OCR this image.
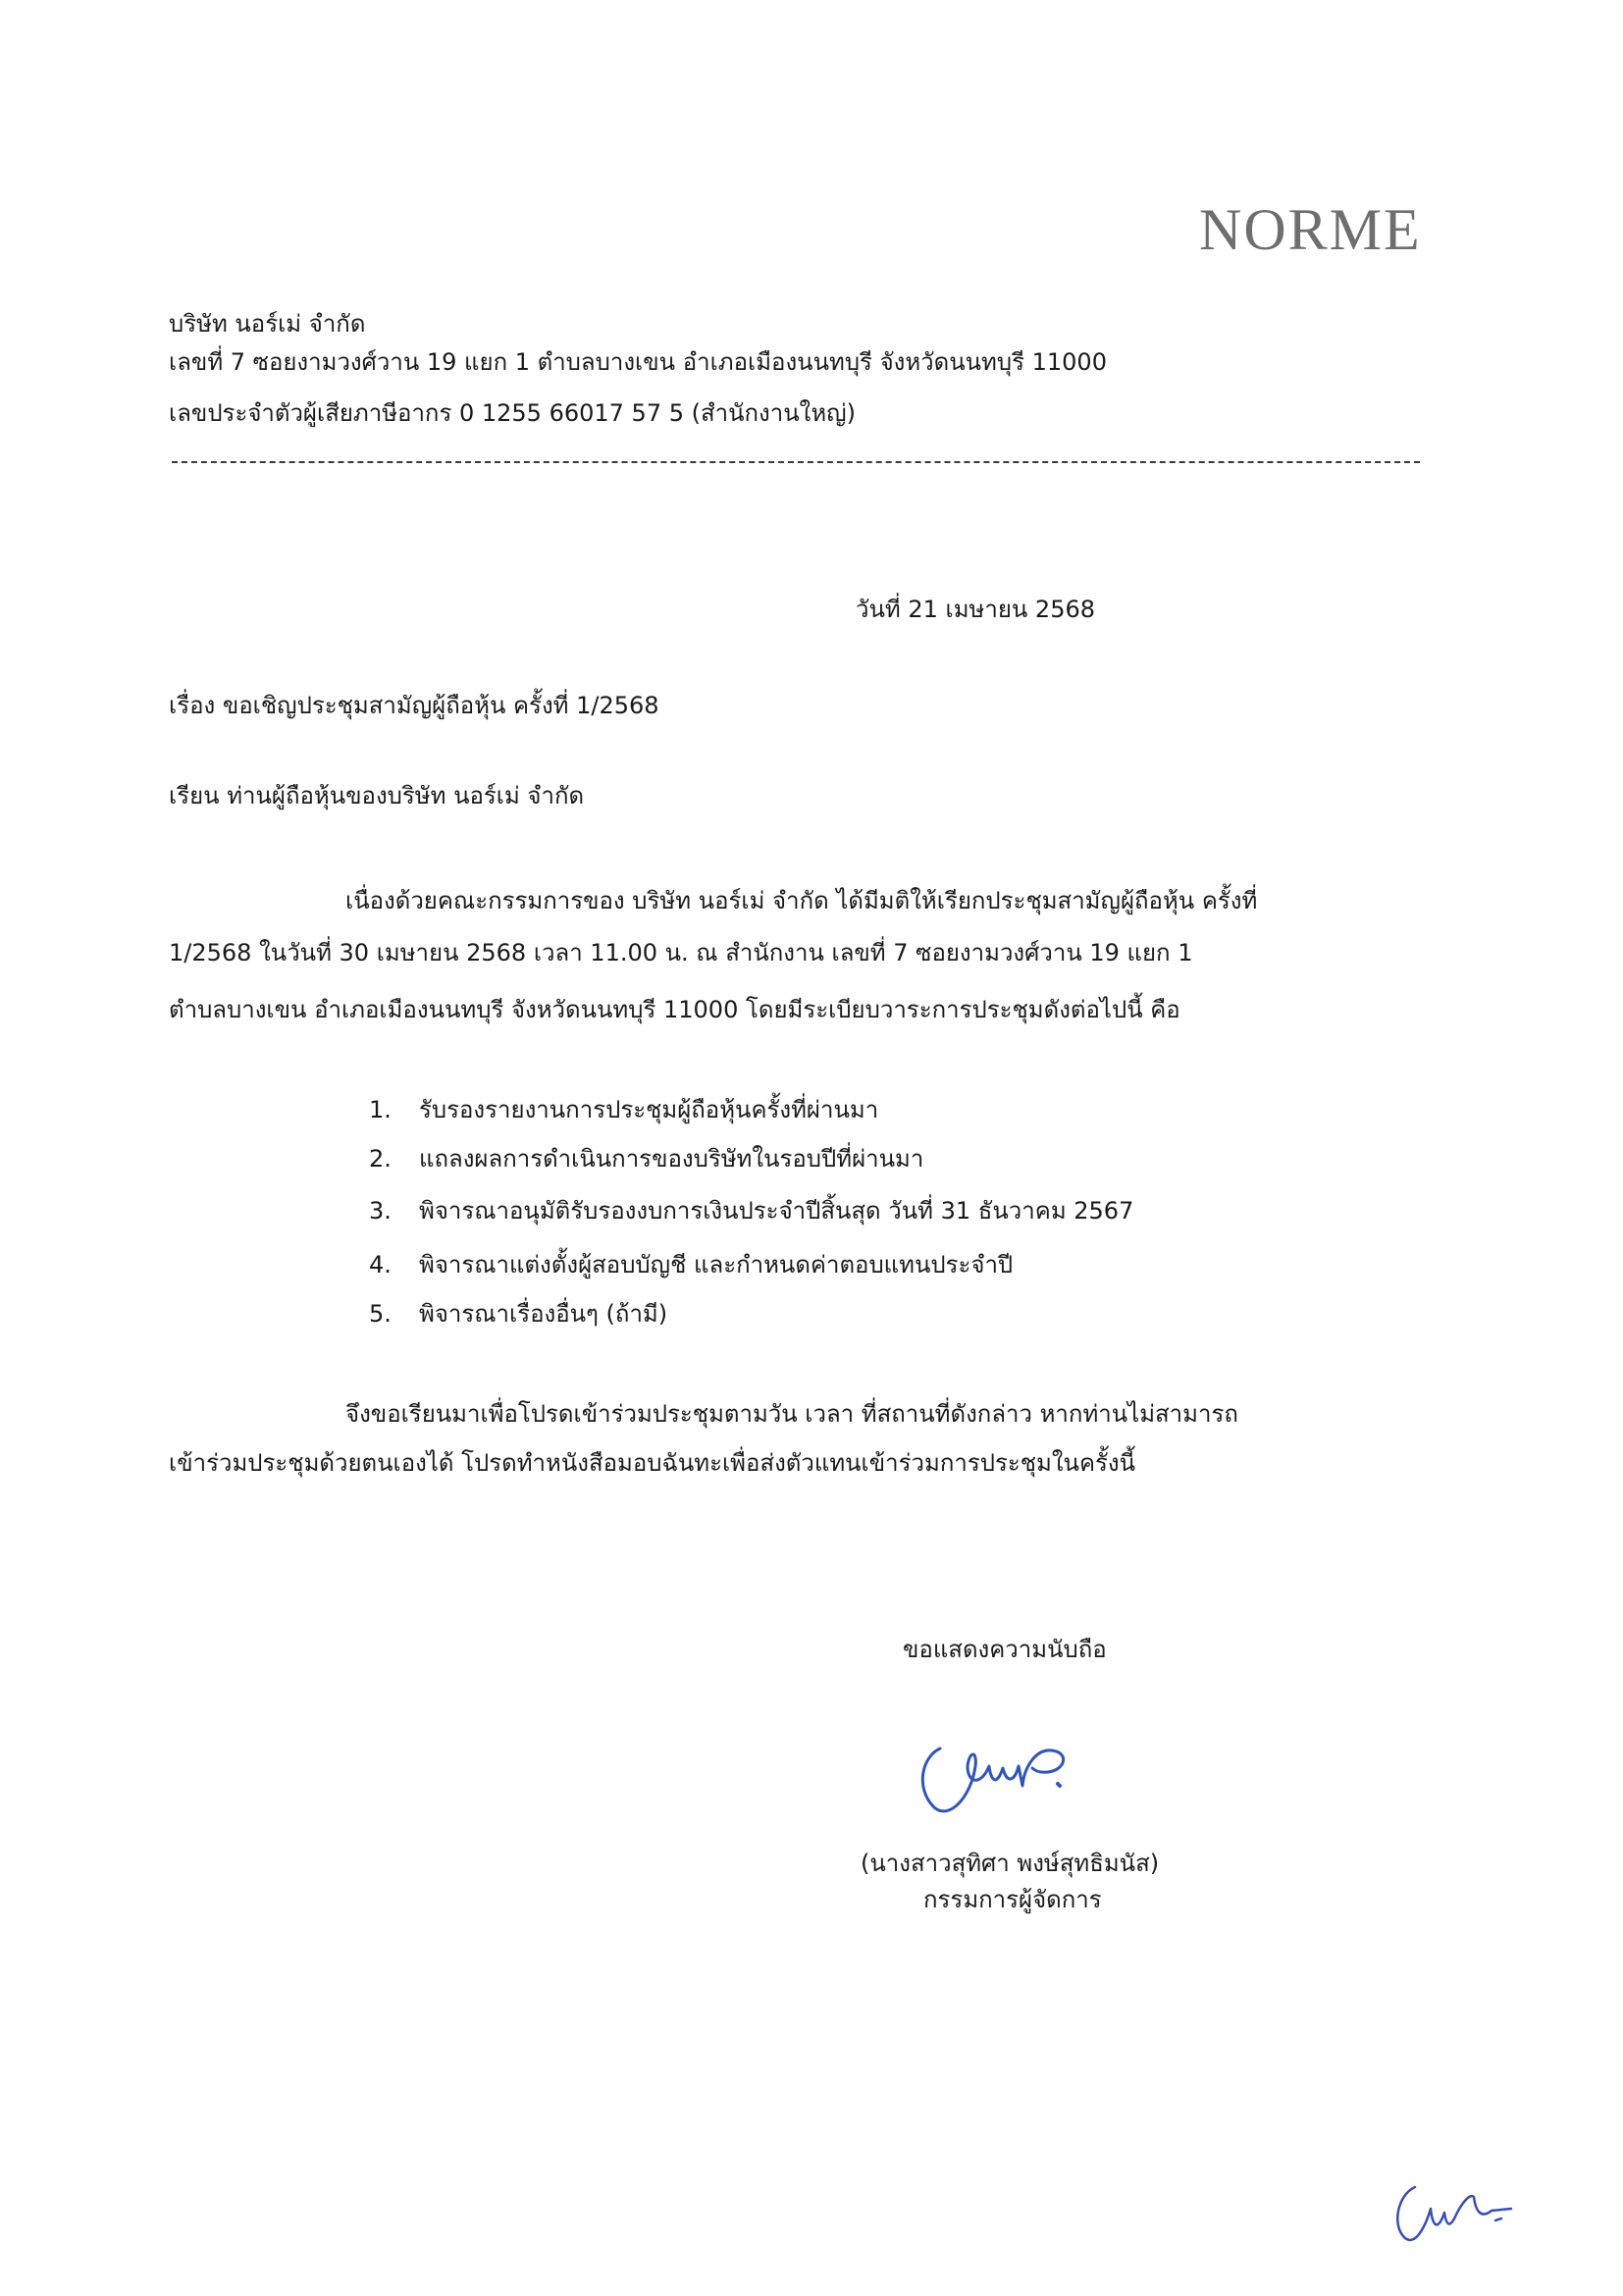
NORME
บริษัท นอร์เม่ จำกัด
เลขที่ 7 ซอยงามวงศ์วาน 19 แยก 1 ตำบลบางเขน อำเภอเมืองนนทบุรี จังหวัดนนทบุรี 11000
เลขประจำตัวผู้เสียภาษีอากร 0 1255 66017 57 5 (สำนักงานใหญ่)
วันที่ 21 เมษายน 2568
เรื่อง ขอเชิญประชุมสามัญผู้ถือหุ้น ครั้งที่ 1/2568
เรียน ท่านผู้ถือหุ้นของบริษัท นอร์เม่ จำกัด
เนื่องด้วยคณะกรรมการของ บริษัท นอร์เม่ จำกัด ได้มีมติให้เรียกประชุมสามัญผู้ถือหุ้น ครั้งที่
1/2568 ในวันที่ 30 เมษายน 2568 เวลา 11.00 น. ณ สำนักงาน เลขที่ 7 ซอยงามวงศ์วาน 19 แยก 1
ตำบลบางเขน อำเภอเมืองนนทบุรี จังหวัดนนทบุรี 11000 โดยมีระเบียบวาระการประชุมดังต่อไปนี้ คือ
1. รับรองรายงานการประชุมผู้ถือหุ้นครั้งที่ผ่านมา
2. แถลงผลการดำเนินการของบริษัทในรอบปีที่ผ่านมา
3. พิจารณาอนุมัติรับรองงบการเงินประจำปีสิ้นสุด วันที่ 31 ธันวาคม 2567
4. พิจารณาแต่งตั้งผู้สอบบัญชี และกำหนดค่าตอบแทนประจำปี
5. พิจารณาเรื่องอื่นๆ (ถ้ามี)
จึงขอเรียนมาเพื่อโปรดเข้าร่วมประชุมตามวัน เวลา ที่สถานที่ดังกล่าว หากท่านไม่สามารถ
เข้าร่วมประชุมด้วยตนเองได้ โปรดทำหนังสือมอบฉันทะเพื่อส่งตัวแทนเข้าร่วมการประชุมในครั้งนี้
ขอแสดงความนับถือ
(นางสาวสุทิศา พงษ์สุทธิมนัส)
กรรมการผู้จัดการ
